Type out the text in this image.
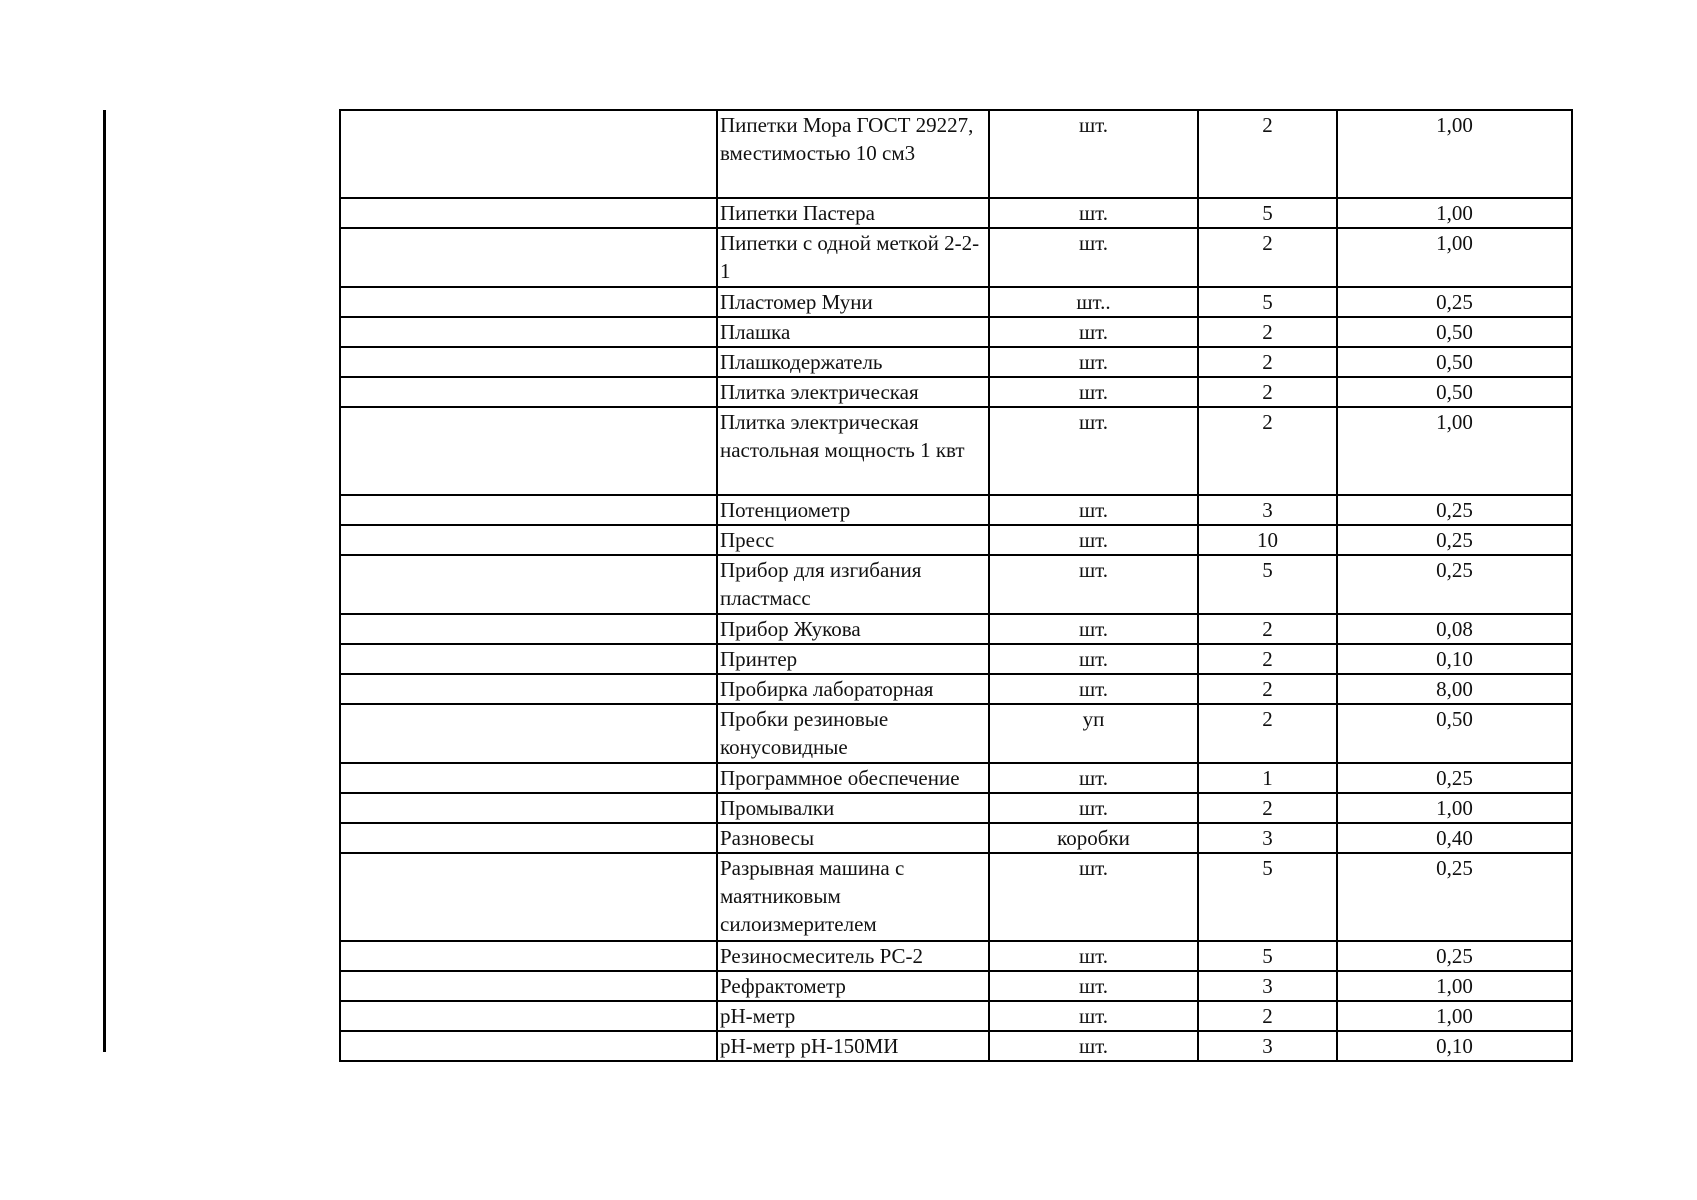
	Пипетки Мора ГОСТ 29227, вместимостью 10 см3	шт.	2	1,00
	Пипетки Пастера	шт.	5	1,00
	Пипетки с одной меткой 2-2-1	шт.	2	1,00
	Пластомер Муни	шт..	5	0,25
	Плашка	шт.	2	0,50
	Плашкодержатель	шт.	2	0,50
	Плитка электрическая	шт.	2	0,50
	Плитка электрическая настольная мощность 1 квт	шт.	2	1,00
	Потенциометр	шт.	3	0,25
	Пресс	шт.	10	0,25
	Прибор для изгибания пластмасс	шт.	5	0,25
	Прибор Жукова	шт.	2	0,08
	Принтер	шт.	2	0,10
	Пробирка лабораторная	шт.	2	8,00
	Пробки резиновые конусовидные	уп	2	0,50
	Программное обеспечение	шт.	1	0,25
	Промывалки	шт.	2	1,00
	Разновесы	коробки	3	0,40
	Разрывная машина с маятниковым силоизмерителем	шт.	5	0,25
	Резиносмеситель РС-2	шт.	5	0,25
	Рефрактометр	шт.	3	1,00
	pH-метр	шт.	2	1,00
	pH-метр pH-150МИ	шт.	3	0,10
